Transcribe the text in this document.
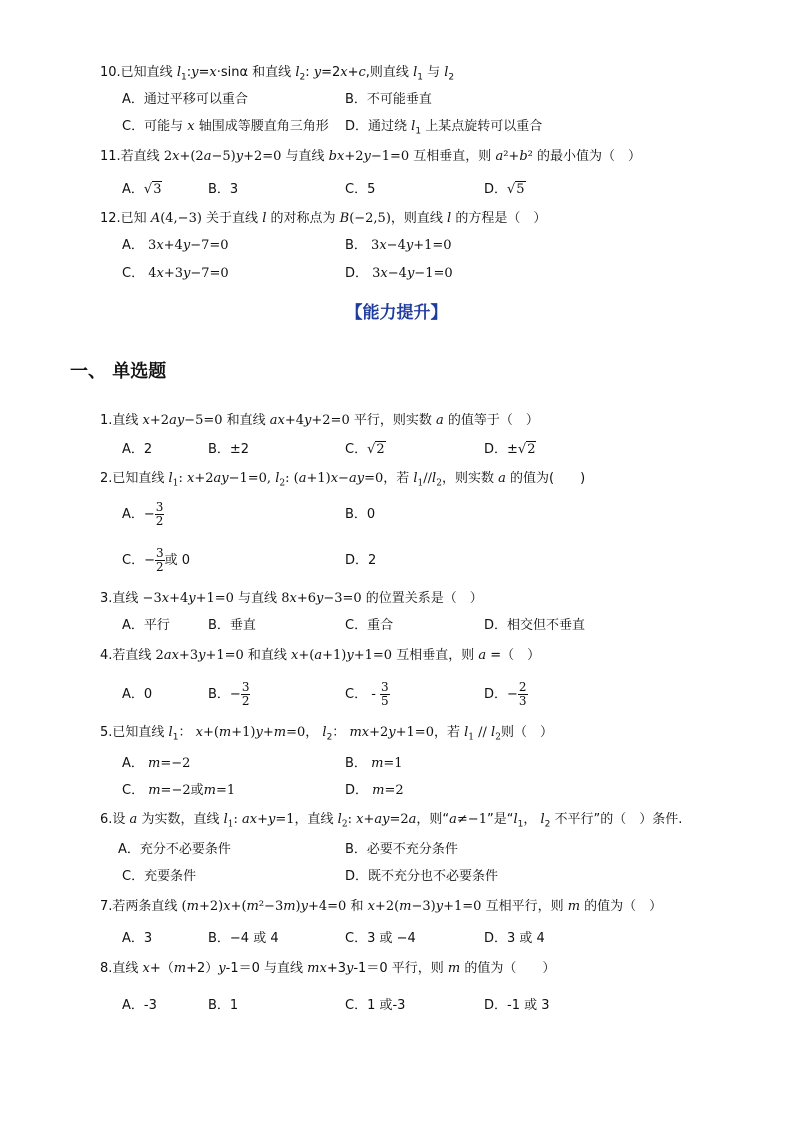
10.已知直线 $l_1:y=x\cdot\sin\alpha$ 和直线 $l_2$: y=2x+c,则直线 $l_1$ 与 $l_2$
A．通过平移可以重合	B．不可能垂直
C．可能与 x 轴围成等腰直角三角形 D．通过绕 $l_1$ 上某点旋转可以重合
11.若直线 2x+(2a−5)y+2=0 与直线 bx+2y−1=0 互相垂直，则 a²+b² 的最小值为（　）
A．√3	B．3	C．5	D．√5
12.已知 A(4,−3) 关于直线 l 的对称点为 B(−2,5)，则直线 l 的方程是（　）
A． 3x+4y−7=0	B． 3x−4y+1=0
C． 4x+3y−7=0	D． 3x−4y−1=0
【能力提升】
一、 单选题
1.直线 x+2ay−5=0 和直线 ax+4y+2=0 平行，则实数 a 的值等于（　）
A．2	B．±2	C．√2	D．±√2
2.已知直线 $l_1$: x+2ay−1=0, $l_2$: (a+1)x−ay=0，若 $l_1//l_2$，则实数 a 的值为(　　)
A．− $\frac{3}{2}$	B．0
C．− $\frac{3}{2}$ 或 0	D．2
3.直线 −3x+4y+1=0 与直线 8x+6y−3=0 的位置关系是（　）
A．平行	B．垂直	C．重合	D．相交但不垂直
4.若直线 2ax+3y+1=0 和直线 x+(a+1)y+1=0 互相垂直，则 a =（　）
A．0	B．− $\frac{3}{2}$	C． - $\frac{3}{5}$	D．− $\frac{2}{3}$
5.已知直线 $l_1$： x+(m+1)y+m=0， $l_2$： mx+2y+1=0，若 $l_1 // l_2$则（　）
A． m=−2	B． m=1
C． m=−2或m=1	D． m=2
6.设 a 为实数，直线 $l_1$: ax+y=1，直线 $l_2$: x+ay=2a，则“a≠−1”是“$l_1$， $l_2$ 不平行”的（　）条件.
A．充分不必要条件	B．必要不充分条件
C．充要条件	D．既不充分也不必要条件
7.若两条直线 (m+2)x+(m²−3m)y+4=0 和 x+2(m−3)y+1=0 互相平行，则 m 的值为（　）
A．3	B．−4 或 4	C．3 或 −4	D．3 或 4
8.直线 x+（m+2）y-1＝0 与直线 mx+3y-1＝0 平行，则 m 的值为（　　）
A．-3	B．1	C．1 或-3	D．-1 或 3
